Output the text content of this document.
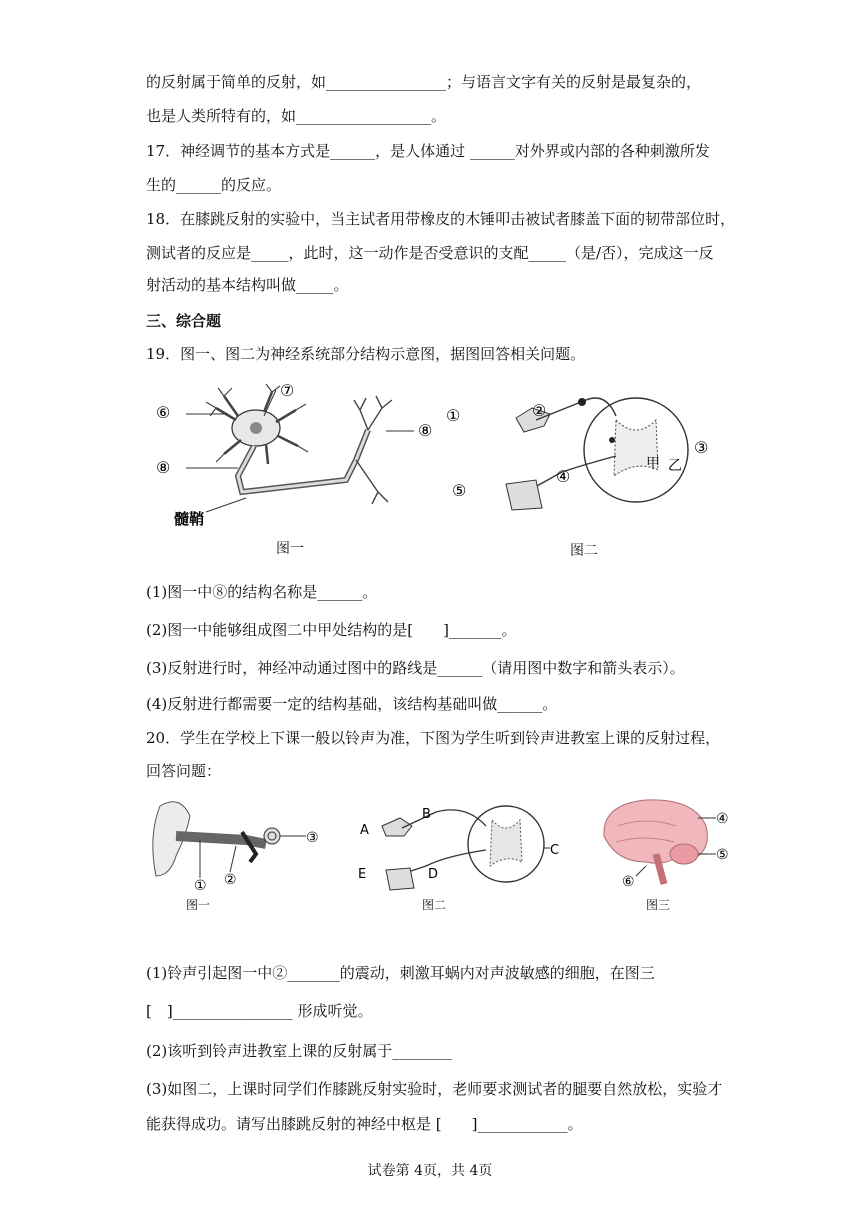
的反射属于简单的反射，如________________；与语言文字有关的反射是最复杂的，
也是人类所特有的，如__________________。
17．神经调节的基本方式是______，是人体通过 ______对外界或内部的各种刺激所发
生的______的反应。
18．在膝跳反射的实验中，当主试者用带橡皮的木锤叩击被试者膝盖下面的韧带部位时，
测试者的反应是_____，此时，这一动作是否受意识的支配_____（是/否），完成这一反
射活动的基本结构叫做_____。
三、综合题
19．图一、图二为神经系统部分结构示意图，据图回答相关问题。
⑥
⑦
⑧
⑧
髓鞘
①	②
③
④
⑤
甲 乙
图一	图二
(1)图一中⑧的结构名称是______。
(2)图一中能够组成图二中甲处结构的是[　　]_______。
(3)反射进行时，神经冲动通过图中的路线是______（请用图中数字和箭头表示）。
(4)反射进行都需要一定的结构基础，该结构基础叫做______。
20．学生在学校上下课一般以铃声为准，下图为学生听到铃声进教室上课的反射过程，
回答问题：
① ②
③	A
B
C
D
E
④
⑤
⑥
图一	图二	图三
(1)铃声引起图一中②_______的震动，刺激耳蜗内对声波敏感的细胞，在图三
[　]________________ 形成听觉。
(2)该听到铃声进教室上课的反射属于________
(3)如图二，上课时同学们作膝跳反射实验时，老师要求测试者的腿要自然放松，实验才
能获得成功。请写出膝跳反射的神经中枢是 [　　]____________。
试卷第 4页，共 4页
